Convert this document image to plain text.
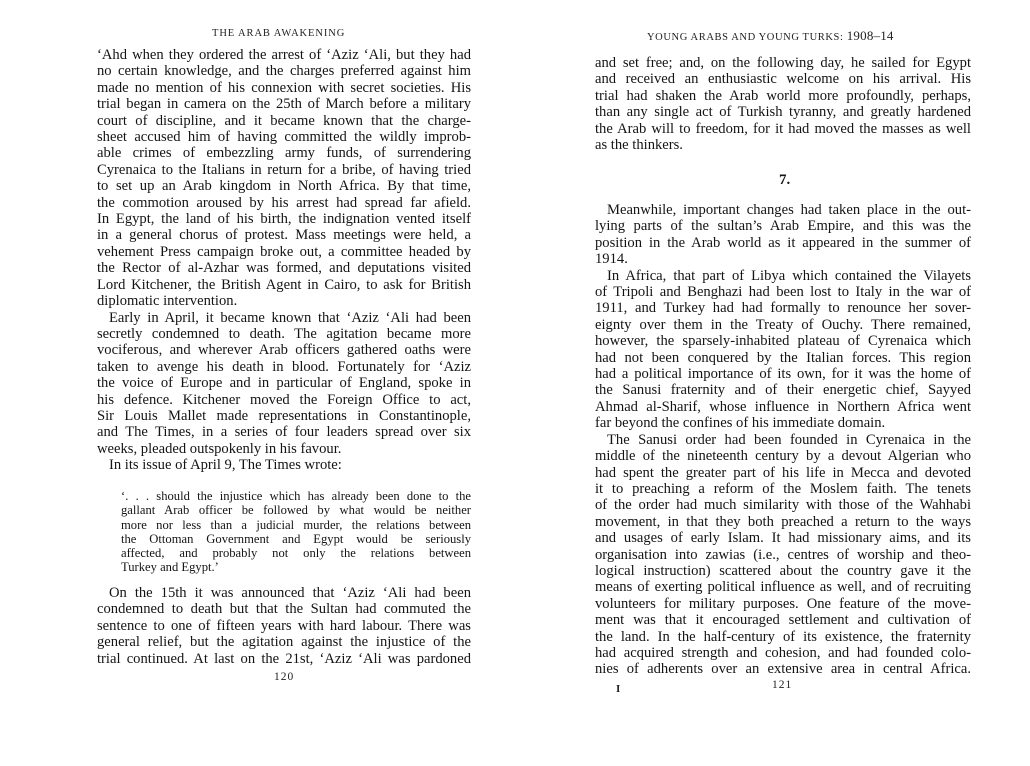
THE ARAB AWAKENING

‘Ahd when they ordered the arrest of ‘Aziz ‘Ali, but they had
no certain knowledge, and the charges preferred against him
made no mention of his connexion with secret societies. His
trial began in camera on the 25th of March before a military
court of discipline, and it became known that the charge-
sheet accused him of having committed the wildly improb-
able crimes of embezzling army funds, of surrendering
Cyrenaica to the Italians in return for a bribe, of having tried
to set up an Arab kingdom in North Africa. By that time,
the commotion aroused by his arrest had spread far afield.
In Egypt, the land of his birth, the indignation vented itself
in a general chorus of protest. Mass meetings were held, a
vehement Press campaign broke out, a committee headed by
the Rector of al-Azhar was formed, and deputations visited
Lord Kitchener, the British Agent in Cairo, to ask for British
diplomatic intervention.

Early in April, it became known that ‘Aziz ‘Ali had been
secretly condemned to death. The agitation became more
vociferous, and wherever Arab officers gathered oaths were
taken to avenge his death in blood. Fortunately for ‘Aziz
the voice of Europe and in particular of England, spoke in
his defence. Kitchener moved the Foreign Office to act,
Sir Louis Mallet made representations in Constantinople,
and The Times, in a series of four leaders spread over six
weeks, pleaded outspokenly in his favour.

In its issue of April 9, The Times wrote:

‘. . . should the injustice which has already been done to the
gallant Arab officer be followed by what would be neither
more nor less than a judicial murder, the relations between
the Ottoman Government and Egypt would be seriously
affected, and probably not only the relations between
Turkey and Egypt.’

On the 15th it was announced that ‘Aziz ‘Ali had been
condemned to death but that the Sultan had commuted the
sentence to one of fifteen years with hard labour. There was
general relief, but the agitation against the injustice of the
trial continued. At last on the 21st, ‘Aziz ‘Ali was pardoned

120
YOUNG ARABS AND YOUNG TURKS: 1908–14

and set free; and, on the following day, he sailed for Egypt
and received an enthusiastic welcome on his arrival. His
trial had shaken the Arab world more profoundly, perhaps,
than any single act of Turkish tyranny, and greatly hardened
the Arab will to freedom, for it had moved the masses as well
as the thinkers.

7.

Meanwhile, important changes had taken place in the out-
lying parts of the sultan’s Arab Empire, and this was the
position in the Arab world as it appeared in the summer of
1914.

In Africa, that part of Libya which contained the Vilayets
of Tripoli and Benghazi had been lost to Italy in the war of
1911, and Turkey had had formally to renounce her sover-
eignty over them in the Treaty of Ouchy. There remained,
however, the sparsely-inhabited plateau of Cyrenaica which
had not been conquered by the Italian forces. This region
had a political importance of its own, for it was the home of
the Sanusi fraternity and of their energetic chief, Sayyed
Ahmad al-Sharif, whose influence in Northern Africa went
far beyond the confines of his immediate domain.

The Sanusi order had been founded in Cyrenaica in the
middle of the nineteenth century by a devout Algerian who
had spent the greater part of his life in Mecca and devoted
it to preaching a reform of the Moslem faith. The tenets
of the order had much similarity with those of the Wahhabi
movement, in that they both preached a return to the ways
and usages of early Islam. It had missionary aims, and its
organisation into zawias (i.e., centres of worship and theo-
logical instruction) scattered about the country gave it the
means of exerting political influence as well, and of recruiting
volunteers for military purposes. One feature of the move-
ment was that it encouraged settlement and cultivation of
the land. In the half-century of its existence, the fraternity
had acquired strength and cohesion, and had founded colo-
nies of adherents over an extensive area in central Africa.

I	121
